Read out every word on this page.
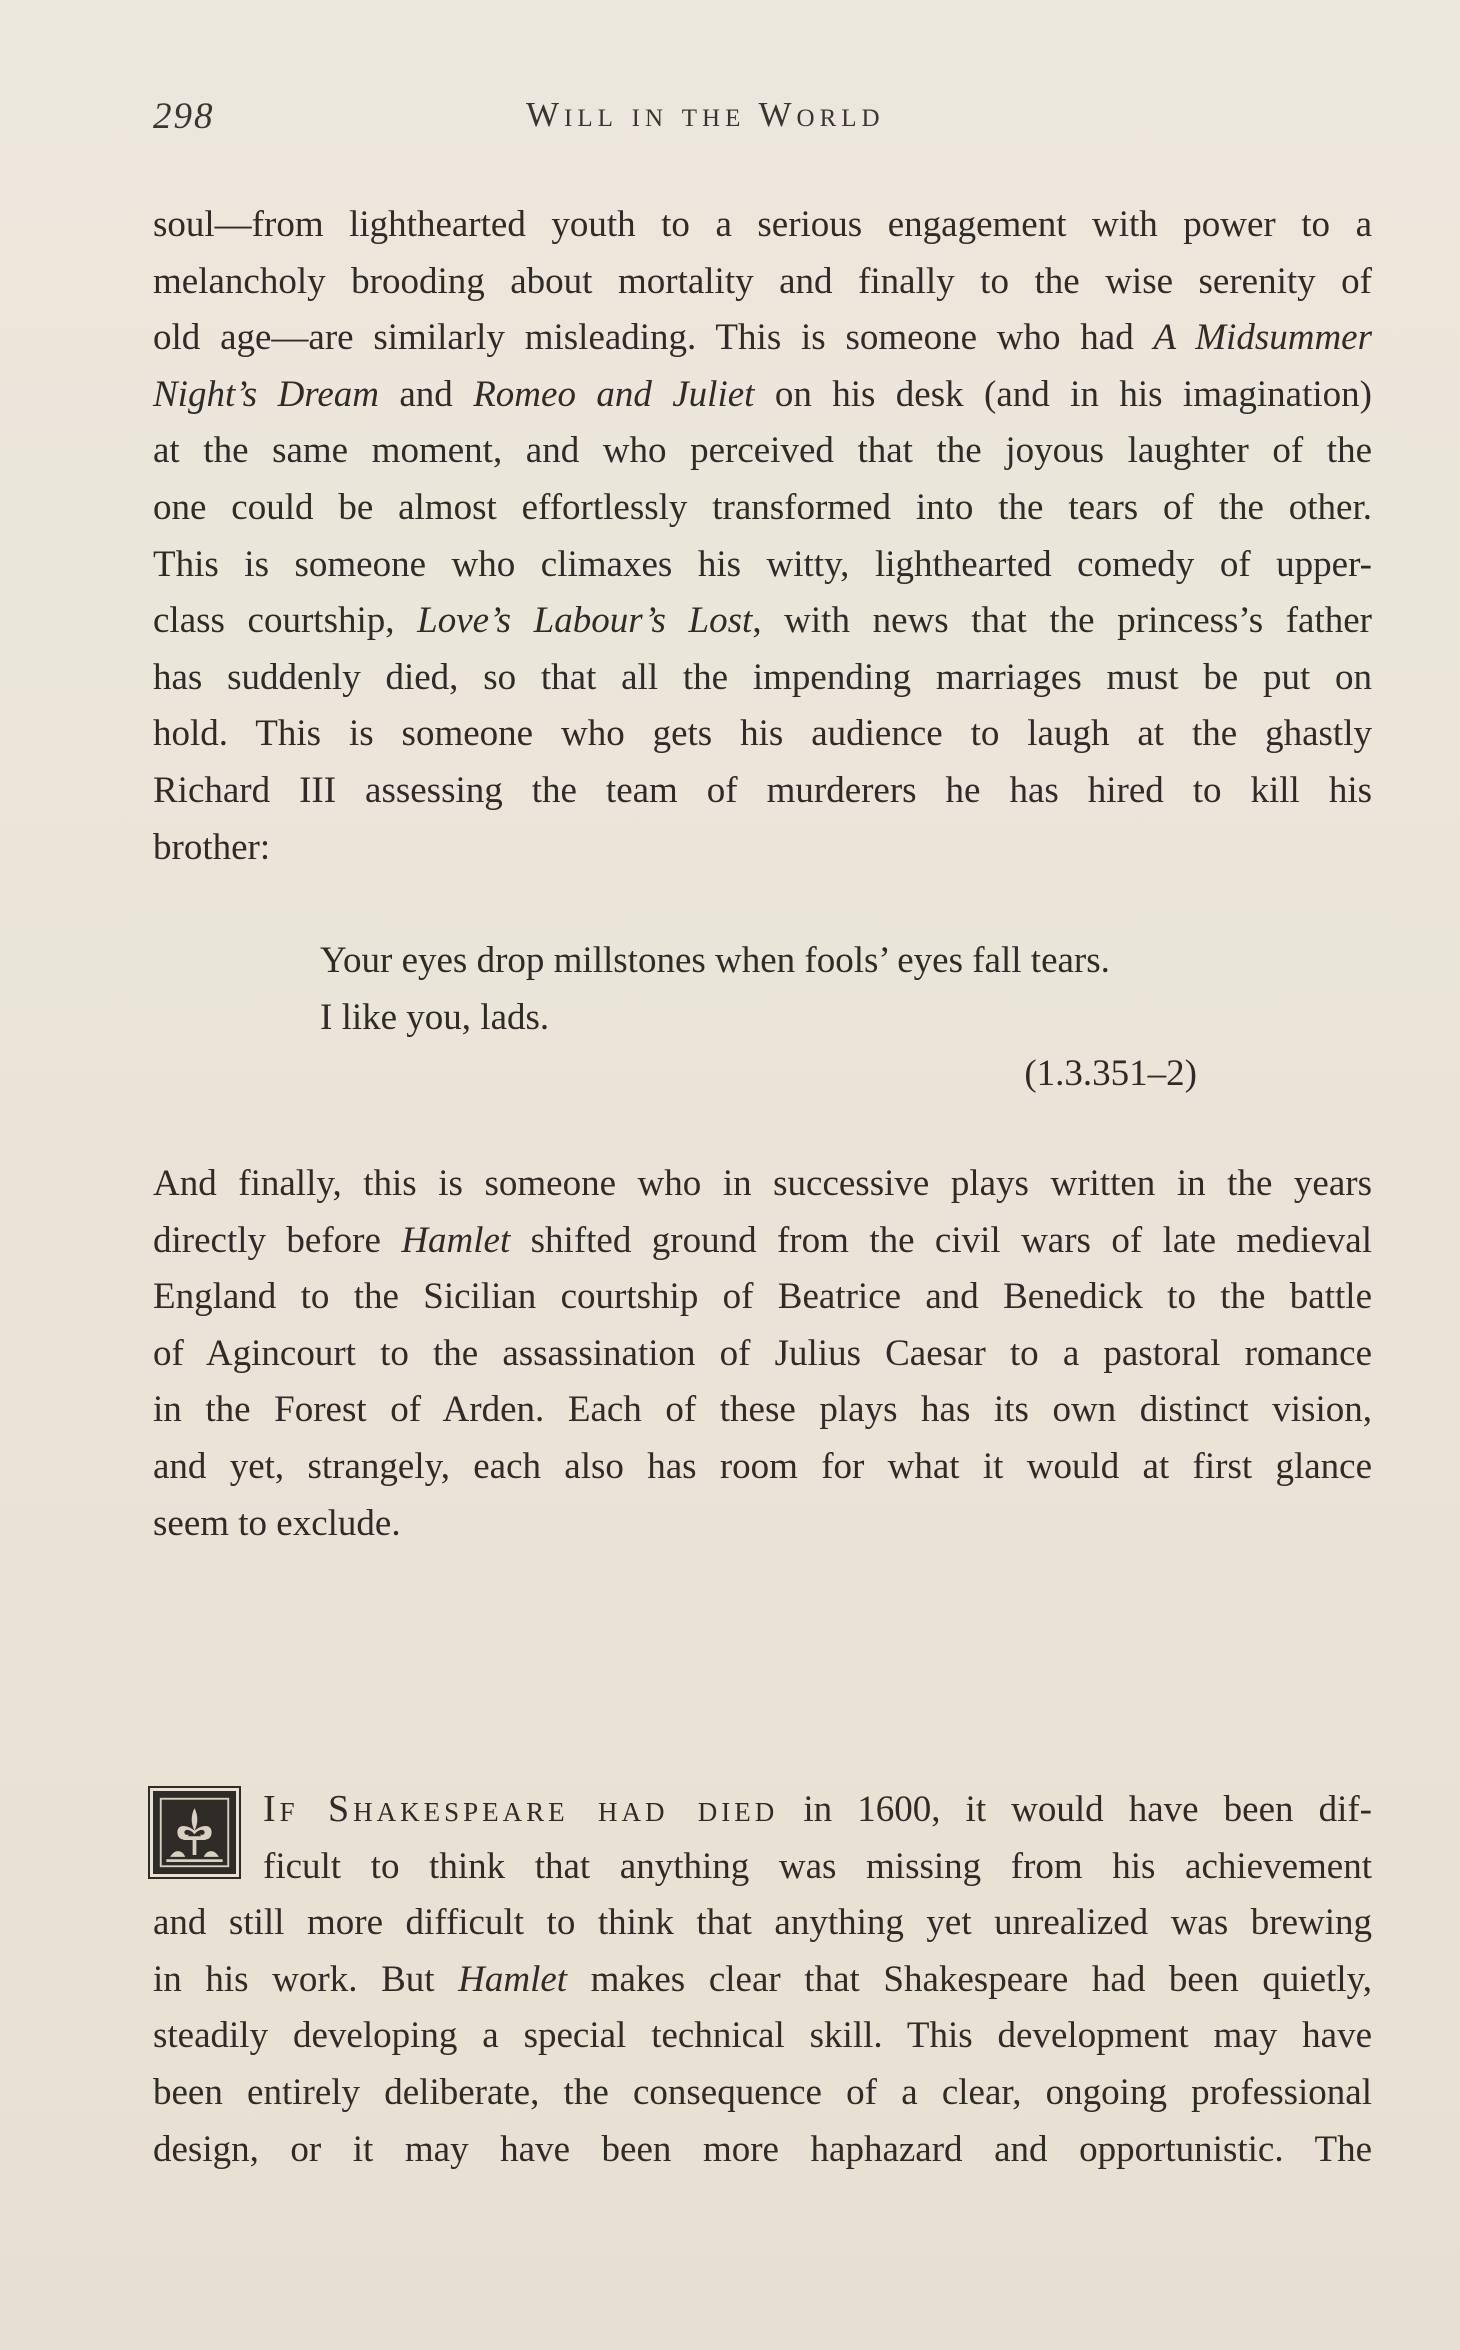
298	Will in the World
soul—from lighthearted youth to a serious engagement with power to a
melancholy brooding about mortality and finally to the wise serenity of
old age—are similarly misleading. This is someone who had A Midsummer
Night’s Dream and Romeo and Juliet on his desk (and in his imagination)
at the same moment, and who perceived that the joyous laughter of the
one could be almost effortlessly transformed into the tears of the other.
This is someone who climaxes his witty, lighthearted comedy of upper-
class courtship, Love’s Labour’s Lost, with news that the princess’s father
has suddenly died, so that all the impending marriages must be put on
hold. This is someone who gets his audience to laugh at the ghastly
Richard III assessing the team of murderers he has hired to kill his
brother:
Your eyes drop millstones when fools’ eyes fall tears.
I like you, lads.
(1.3.351–2)
And finally, this is someone who in successive plays written in the years
directly before Hamlet shifted ground from the civil wars of late medieval
England to the Sicilian courtship of Beatrice and Benedick to the battle
of Agincourt to the assassination of Julius Caesar to a pastoral romance
in the Forest of Arden. Each of these plays has its own distinct vision,
and yet, strangely, each also has room for what it would at first glance
seem to exclude.
If Shakespeare had died in 1600, it would have been dif-
ficult to think that anything was missing from his achievement
and still more difficult to think that anything yet unrealized was brewing
in his work. But Hamlet makes clear that Shakespeare had been quietly,
steadily developing a special technical skill. This development may have
been entirely deliberate, the consequence of a clear, ongoing professional
design, or it may have been more haphazard and opportunistic. The
